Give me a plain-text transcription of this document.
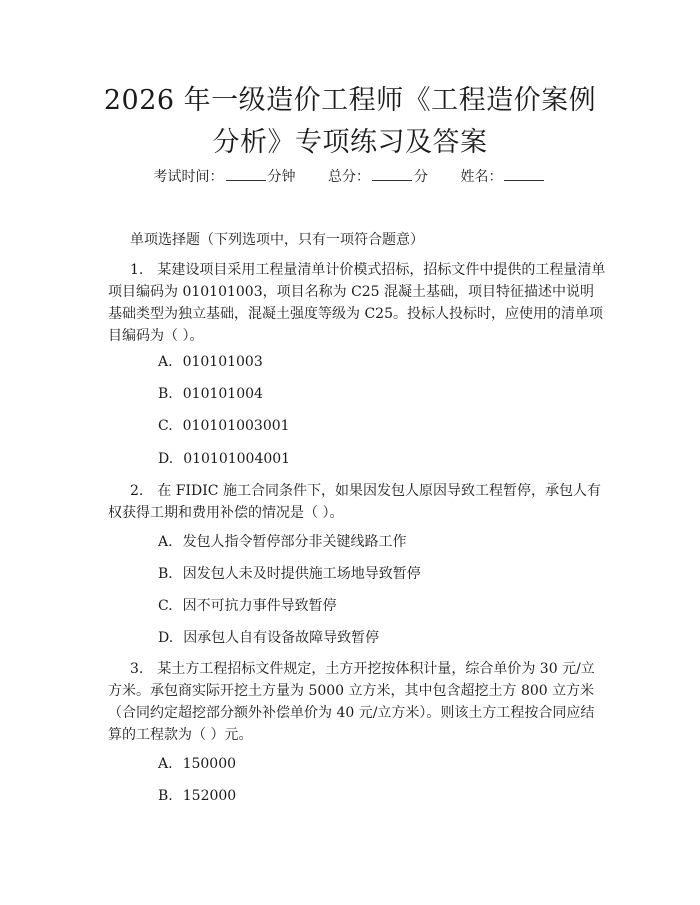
2026 年一级造价工程师《工程造价案例分析》专项练习及答案
考试时间：	分钟 总分：	分 姓名：
单项选择题（下列选项中，只有一项符合题意）

1. 某建设项目采用工程量清单计价模式招标，招标文件中提供的工程量清单项目编码为 010101003，项目名称为 C25 混凝土基础，项目特征描述中说明基础类型为独立基础，混凝土强度等级为 C25。投标人投标时，应使用的清单项目编码为（ ）。

A. 010101003
B. 010101004
C. 010101003001
D. 010101004001

2. 在 FIDIC 施工合同条件下，如果因发包人原因导致工程暂停，承包人有权获得工期和费用补偿的情况是（ ）。

A. 发包人指令暂停部分非关键线路工作
B. 因发包人未及时提供施工场地导致暂停
C. 因不可抗力事件导致暂停
D. 因承包人自有设备故障导致暂停

3. 某土方工程招标文件规定，土方开挖按体积计量，综合单价为 30 元/立方米。承包商实际开挖土方量为 5000 立方米，其中包含超挖土方 800 立方米（合同约定超挖部分额外补偿单价为 40 元/立方米）。则该土方工程按合同应结算的工程款为（ ）元。

A. 150000
B. 152000
